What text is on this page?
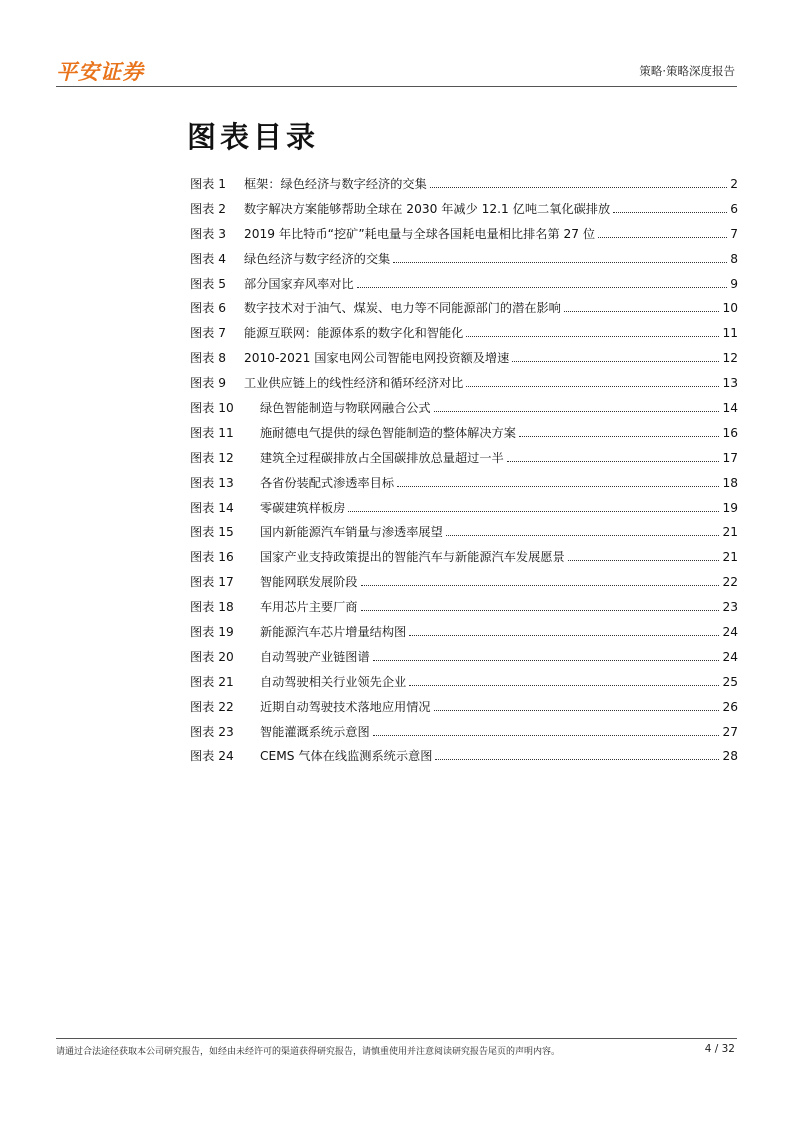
平安证券	策略·策略深度报告
图表目录
图表 1	框架：绿色经济与数字经济的交集	2
图表 2	数字解决方案能够帮助全球在 2030 年减少 12.1 亿吨二氧化碳排放	6
图表 3	2019 年比特币“挖矿”耗电量与全球各国耗电量相比排名第 27 位	7
图表 4	绿色经济与数字经济的交集	8
图表 5	部分国家弃风率对比	9
图表 6	数字技术对于油气、煤炭、电力等不同能源部门的潜在影响	10
图表 7	能源互联网：能源体系的数字化和智能化	11
图表 8	2010-2021 国家电网公司智能电网投资额及增速	12
图表 9	工业供应链上的线性经济和循环经济对比	13
图表 10	绿色智能制造与物联网融合公式	14
图表 11	施耐德电气提供的绿色智能制造的整体解决方案	16
图表 12	建筑全过程碳排放占全国碳排放总量超过一半	17
图表 13	各省份装配式渗透率目标	18
图表 14	零碳建筑样板房	19
图表 15	国内新能源汽车销量与渗透率展望	21
图表 16	国家产业支持政策提出的智能汽车与新能源汽车发展愿景	21
图表 17	智能网联发展阶段	22
图表 18	车用芯片主要厂商	23
图表 19	新能源汽车芯片增量结构图	24
图表 20	自动驾驶产业链图谱	24
图表 21	自动驾驶相关行业领先企业	25
图表 22	近期自动驾驶技术落地应用情况	26
图表 23	智能灌溉系统示意图	27
图表 24	CEMS 气体在线监测系统示意图	28
请通过合法途径获取本公司研究报告，如经由未经许可的渠道获得研究报告，请慎重使用并注意阅读研究报告尾页的声明内容。	4 / 32
